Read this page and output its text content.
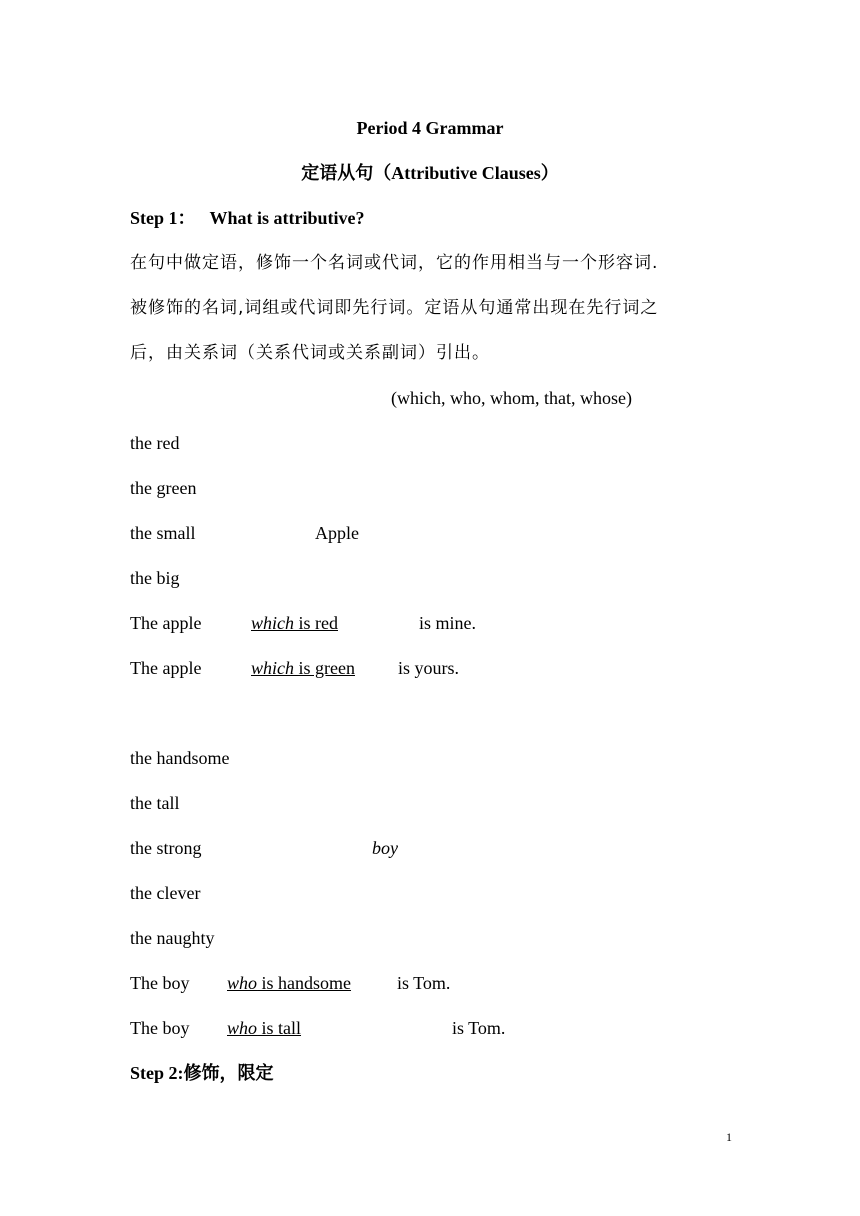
Period 4 Grammar
定语从句（Attributive Clauses）
Step 1： What is attributive?
在句中做定语，修饰一个名词或代词，它的作用相当与一个形容词.
被修饰的名词,词组或代词即先行词。定语从句通常出现在先行词之
后，由关系词（关系代词或关系副词）引出。
(which, who, whom, that, whose)
the red
the green
the small	Apple
the big
The apple	which is red	is mine.
The apple	which is green is yours.
the handsome
the tall
the strong	boy
the clever
the naughty
The boy who is handsome	is Tom.
The boy who is tall	is Tom.
Step 2:修饰，限定
1
